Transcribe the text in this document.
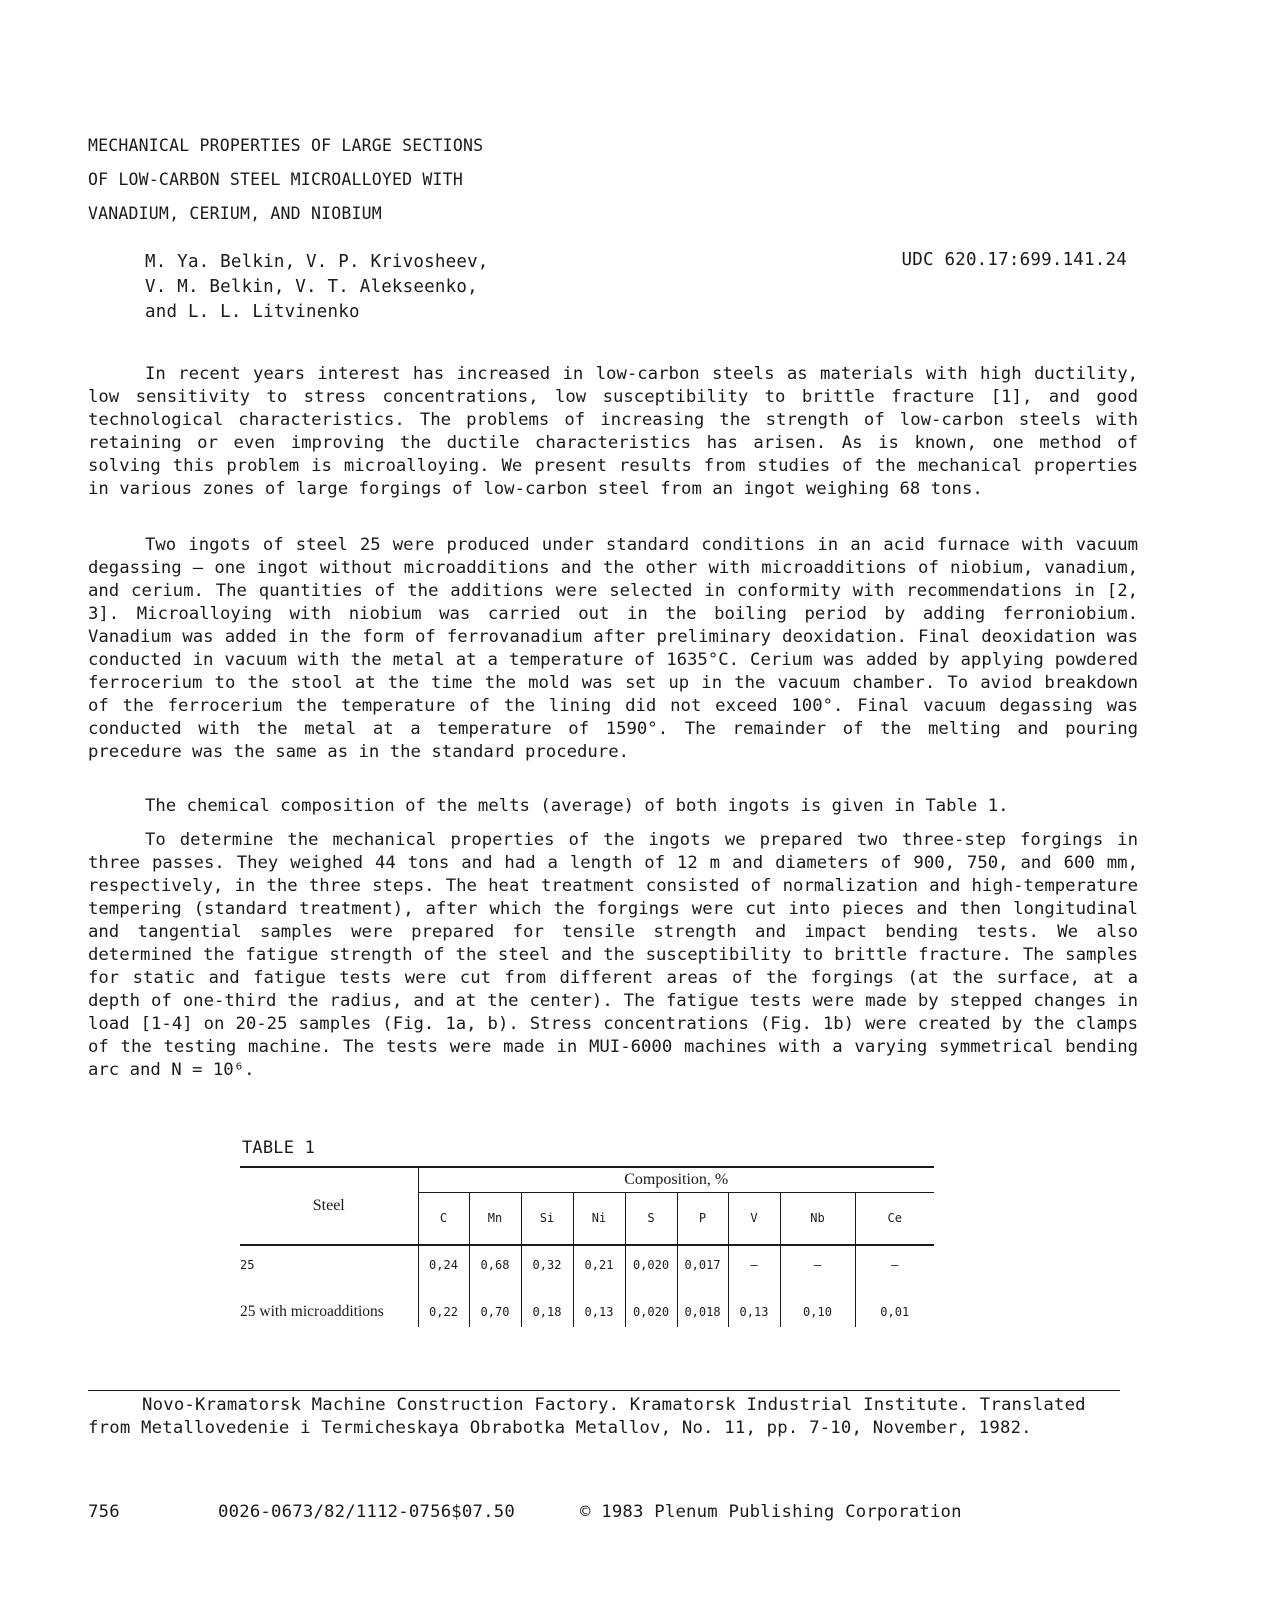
MECHANICAL PROPERTIES OF LARGE SECTIONS
OF LOW-CARBON STEEL MICROALLOYED WITH
VANADIUM, CERIUM, AND NIOBIUM
M. Ya. Belkin, V. P. Krivosheev,
V. M. Belkin, V. T. Alekseenko,
and L. L. Litvinenko
UDC 620.17:699.141.24

In recent years interest has increased in low-carbon steels as materials with high ductility, low sensitivity to stress concentrations, low susceptibility to brittle fracture [1], and good technological characteristics. The problems of increasing the strength of low-carbon steels with retaining or even improving the ductile characteristics has arisen. As is known, one method of solving this problem is microalloying. We present results from studies of the mechanical properties in various zones of large forgings of low-carbon steel from an ingot weighing 68 tons.

Two ingots of steel 25 were produced under standard conditions in an acid furnace with vacuum degassing — one ingot without microadditions and the other with microadditions of niobium, vanadium, and cerium. The quantities of the additions were selected in conformity with recommendations in [2, 3]. Microalloying with niobium was carried out in the boiling period by adding ferroniobium. Vanadium was added in the form of ferrovanadium after preliminary deoxidation. Final deoxidation was conducted in vacuum with the metal at a temperature of 1635°C. Cerium was added by applying powdered ferrocerium to the stool at the time the mold was set up in the vacuum chamber. To aviod breakdown of the ferrocerium the temperature of the lining did not exceed 100°. Final vacuum degassing was conducted with the metal at a temperature of 1590°. The remainder of the melting and pouring precedure was the same as in the standard procedure.

The chemical composition of the melts (average) of both ingots is given in Table 1.

To determine the mechanical properties of the ingots we prepared two three-step forgings in three passes. They weighed 44 tons and had a length of 12 m and diameters of 900, 750, and 600 mm, respectively, in the three steps. The heat treatment consisted of normalization and high-temperature tempering (standard treatment), after which the forgings were cut into pieces and then longitudinal and tangential samples were prepared for tensile strength and impact bending tests. We also determined the fatigue strength of the steel and the susceptibility to brittle fracture. The samples for static and fatigue tests were cut from different areas of the forgings (at the surface, at a depth of one-third the radius, and at the center). The fatigue tests were made by stepped changes in load [1-4] on 20-25 samples (Fig. 1a, b). Stress concentrations (Fig. 1b) were created by the clamps of the testing machine. The tests were made in MUI-6000 machines with a varying symmetrical bending arc and N = 10⁶.

TABLE 1
Steel	Composition, %								
	C	Mn	Si	Ni	S	P	V	Nb	Ce
25	0,24	0,68	0,32	0,21	0,020	0,017	—	—	—

25 with microadditions	0,22	0,70	0,18	0,13	0,020	0,018	0,13	0,10	0,01
Novo-Kramatorsk Machine Construction Factory. Kramatorsk Industrial Institute. Translated from Metallovedenie i Termicheskaya Obrabotka Metallov, No. 11, pp. 7-10, November, 1982.
756	0026-0673/82/1112-0756$07.50	© 1983 Plenum Publishing Corporation
